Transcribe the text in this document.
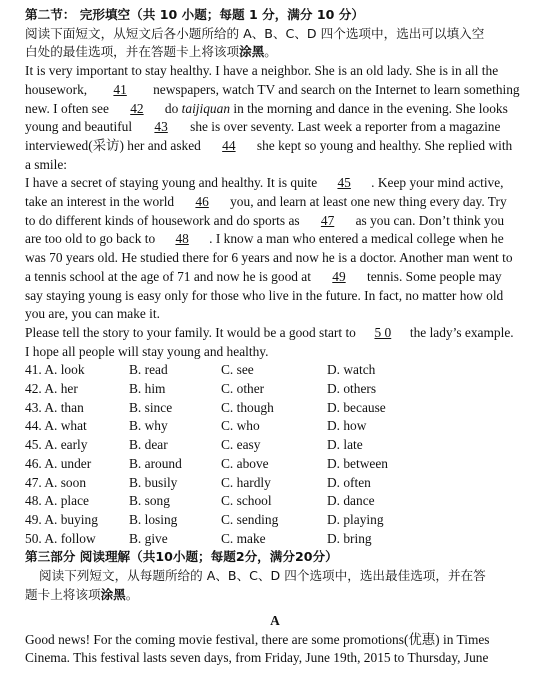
第二节： 完形填空（共 10 小题；每题 1 分，满分 10 分）
阅读下面短文，从短文后各小题所给的 A、B、C、D 四个选项中，选出可以填入空
白处的最佳选项，并在答题卡上将该项涂黑。
It is very important to stay healthy. I have a neighbor. She is an old lady. She is in all the
housework, 41 newspapers, watch TV and search on the Internet to learn something
new. I often see 42 do taijiquan in the morning and dance in the evening. She looks
young and beautiful 43 she is over seventy. Last week a reporter from a magazine
interviewed(采访) her and asked 44 she kept so young and healthy. She replied with
a smile:
I have a secret of staying young and healthy. It is quite 45 . Keep your mind active,
take an interest in the world 46 you, and learn at least one new thing every day. Try
to do different kinds of housework and do sports as 47 as you can. Don’t think you
are too old to go back to 48 . I know a man who entered a medical college when he
was 70 years old. He studied there for 6 years and now he is a doctor. Another man went to
a tennis school at the age of 71 and now he is good at 49 tennis. Some people may
say staying young is easy only for those who live in the future. In fact, no matter how old
you are, you can make it.
Please tell the story to your family. It would be a good start to 5 0 the lady’s example.
I hope all people will stay young and healthy.
41. A. look	B. read	C. see	D. watch
42. A. her	B. him	C. other	D. others
43. A. than	B. since	C. though	D. because
44. A. what	B. why	C. who	D. how
45. A. early	B. dear	C. easy	D. late
46. A. under	B. around	C. above	D. between
47. A. soon	B. busily	C. hardly	D. often
48. A. place	B. song	C. school	D. dance
49. A. buying	B. losing	C. sending	D. playing
50. A. follow	B. give	C. make	D. bring
第三部分 阅读理解（共10小题；每题2分，满分20分）
阅读下列短文，从每题所给的 A、B、C、D 四个选项中，选出最佳选项，并在答
题卡上将该项涂黑。
A
Good news! For the coming movie festival, there are some promotions(优惠) in Times
Cinema. This festival lasts seven days, from Friday, June 19th, 2015 to Thursday, June
